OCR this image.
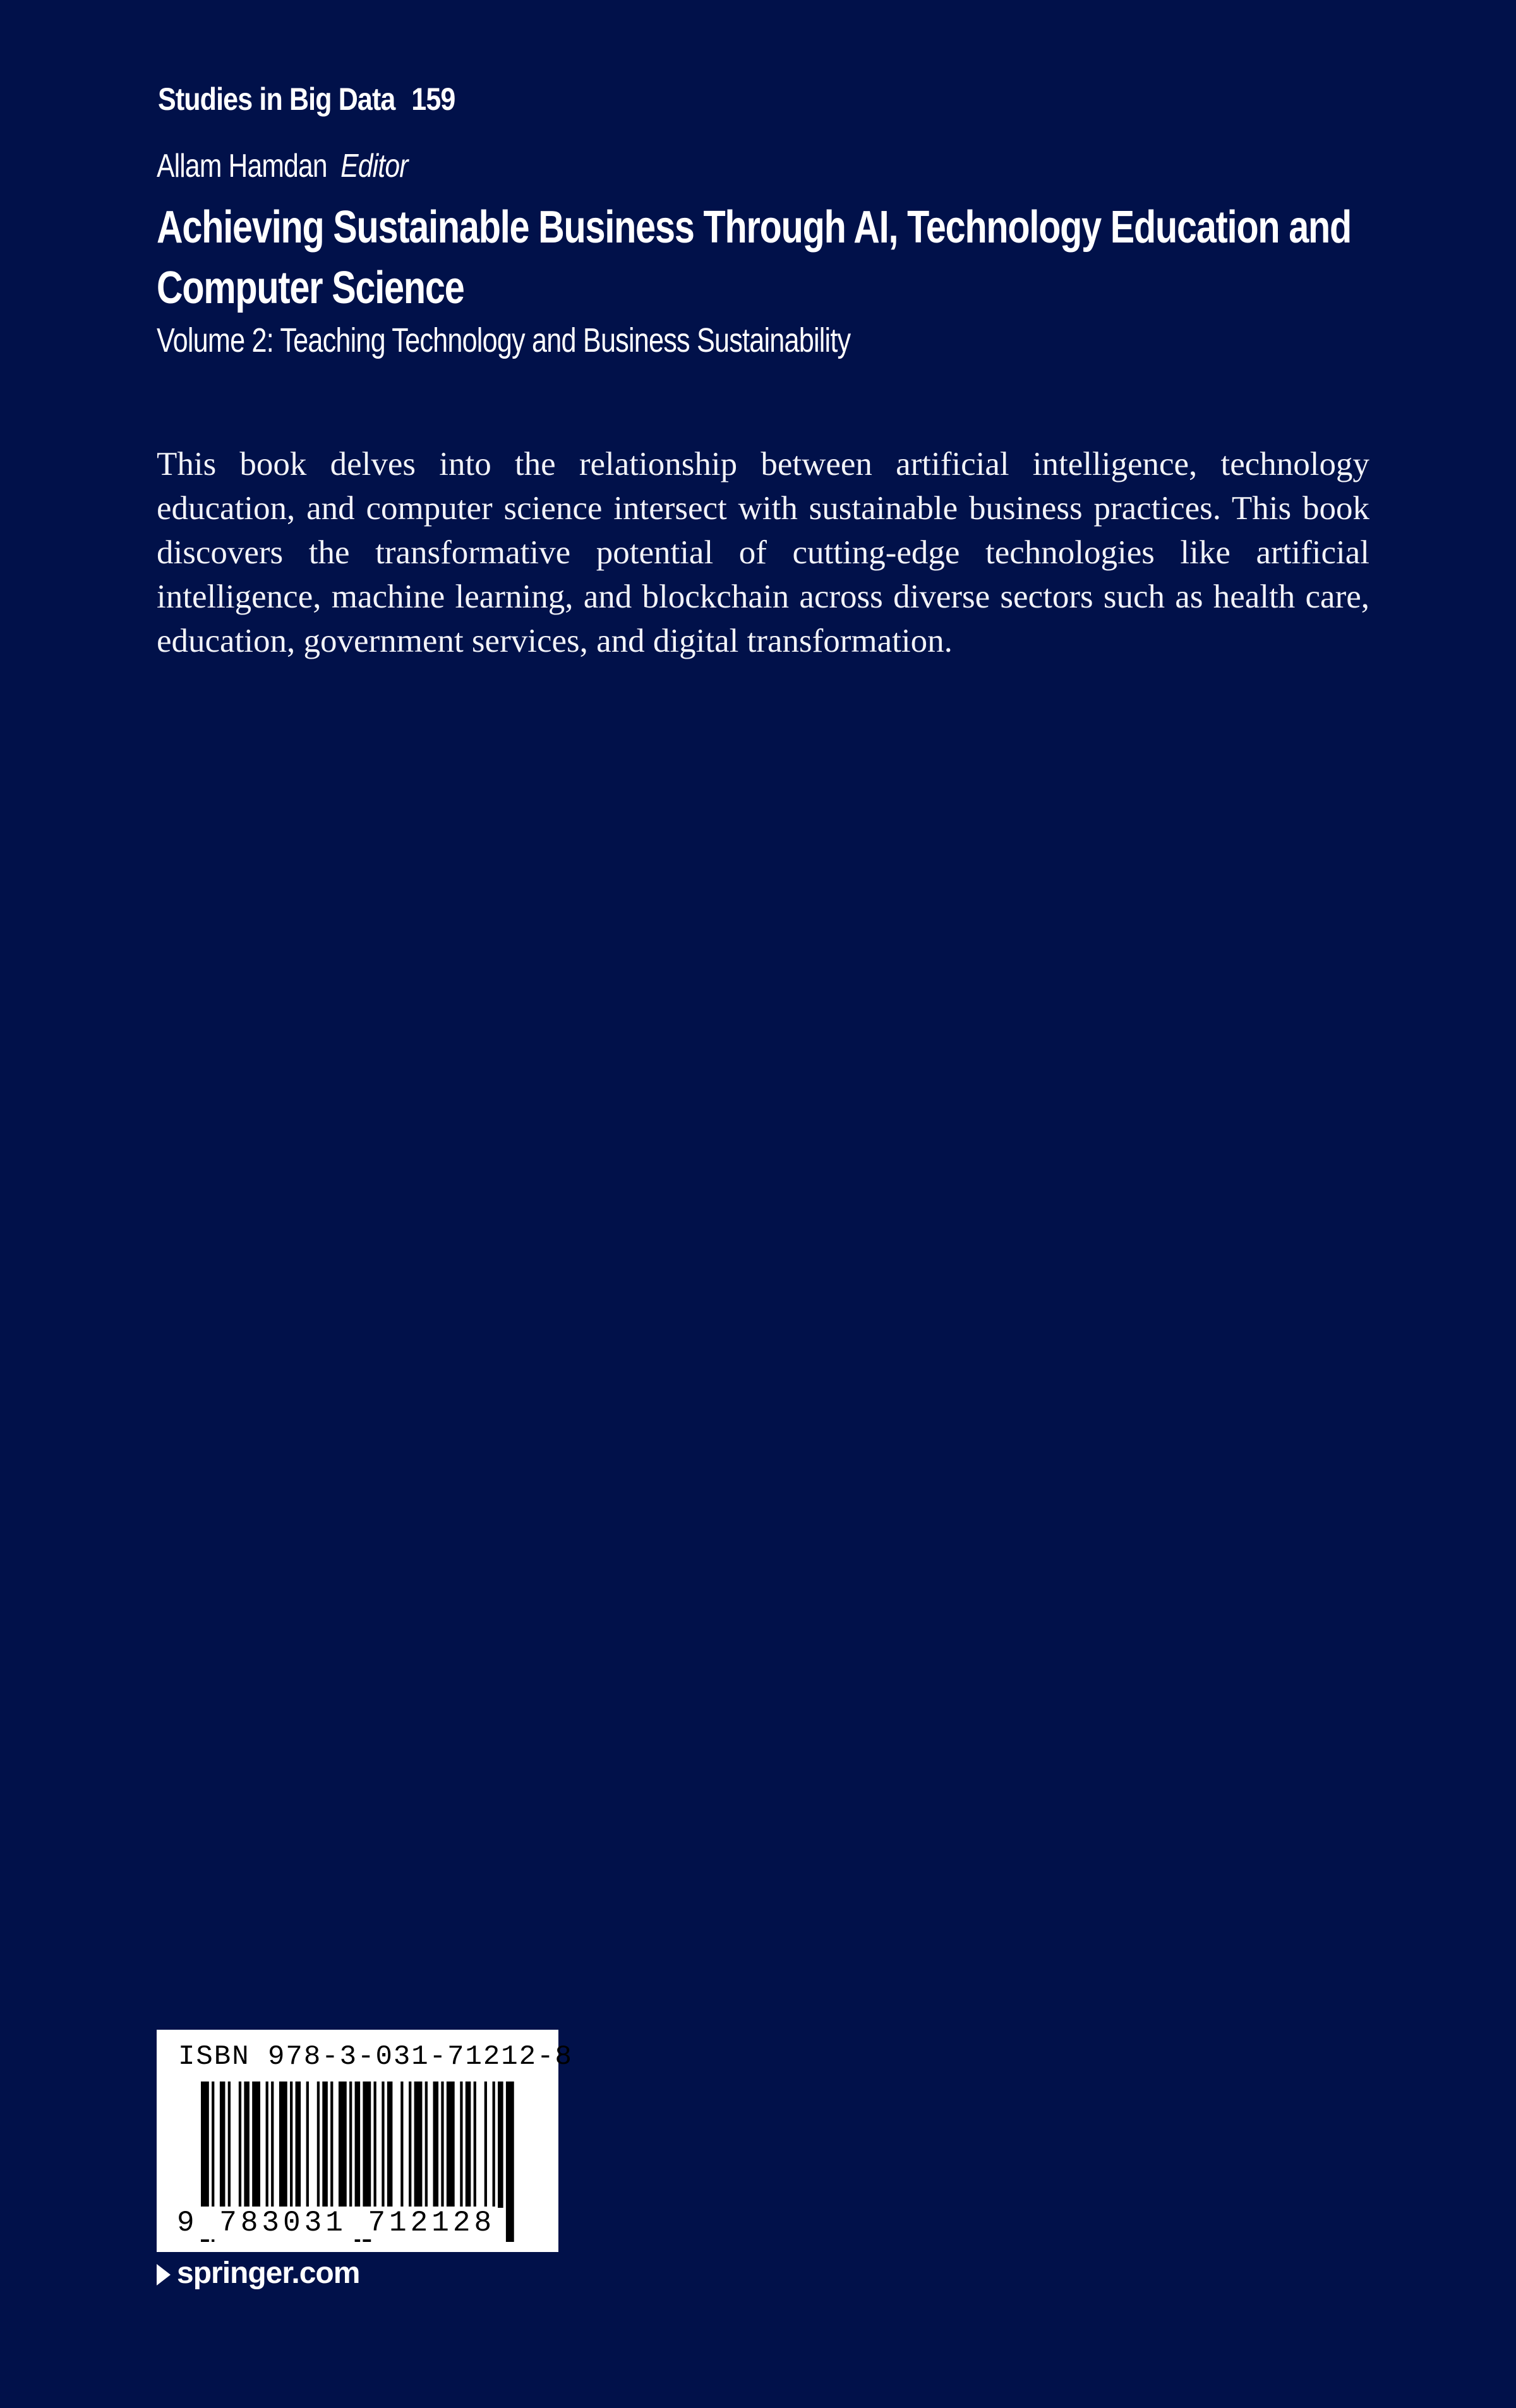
Studies in Big Data 159
Allam Hamdan Editor
Achieving Sustainable Business Through AI, Technology Education and Computer Science
Volume 2: Teaching Technology and Business Sustainability
This book delves into the relationship between artificial intelligence, technology education, and computer science intersect with sustainable business practices. This book discovers the transformative potential of cutting-edge technologies like artificial intelligence, machine learning, and blockchain across diverse sectors such as health care, education, government services, and digital transformation.
ISBN 978-3-031-71212-8
9 783031 712128
springer.com
